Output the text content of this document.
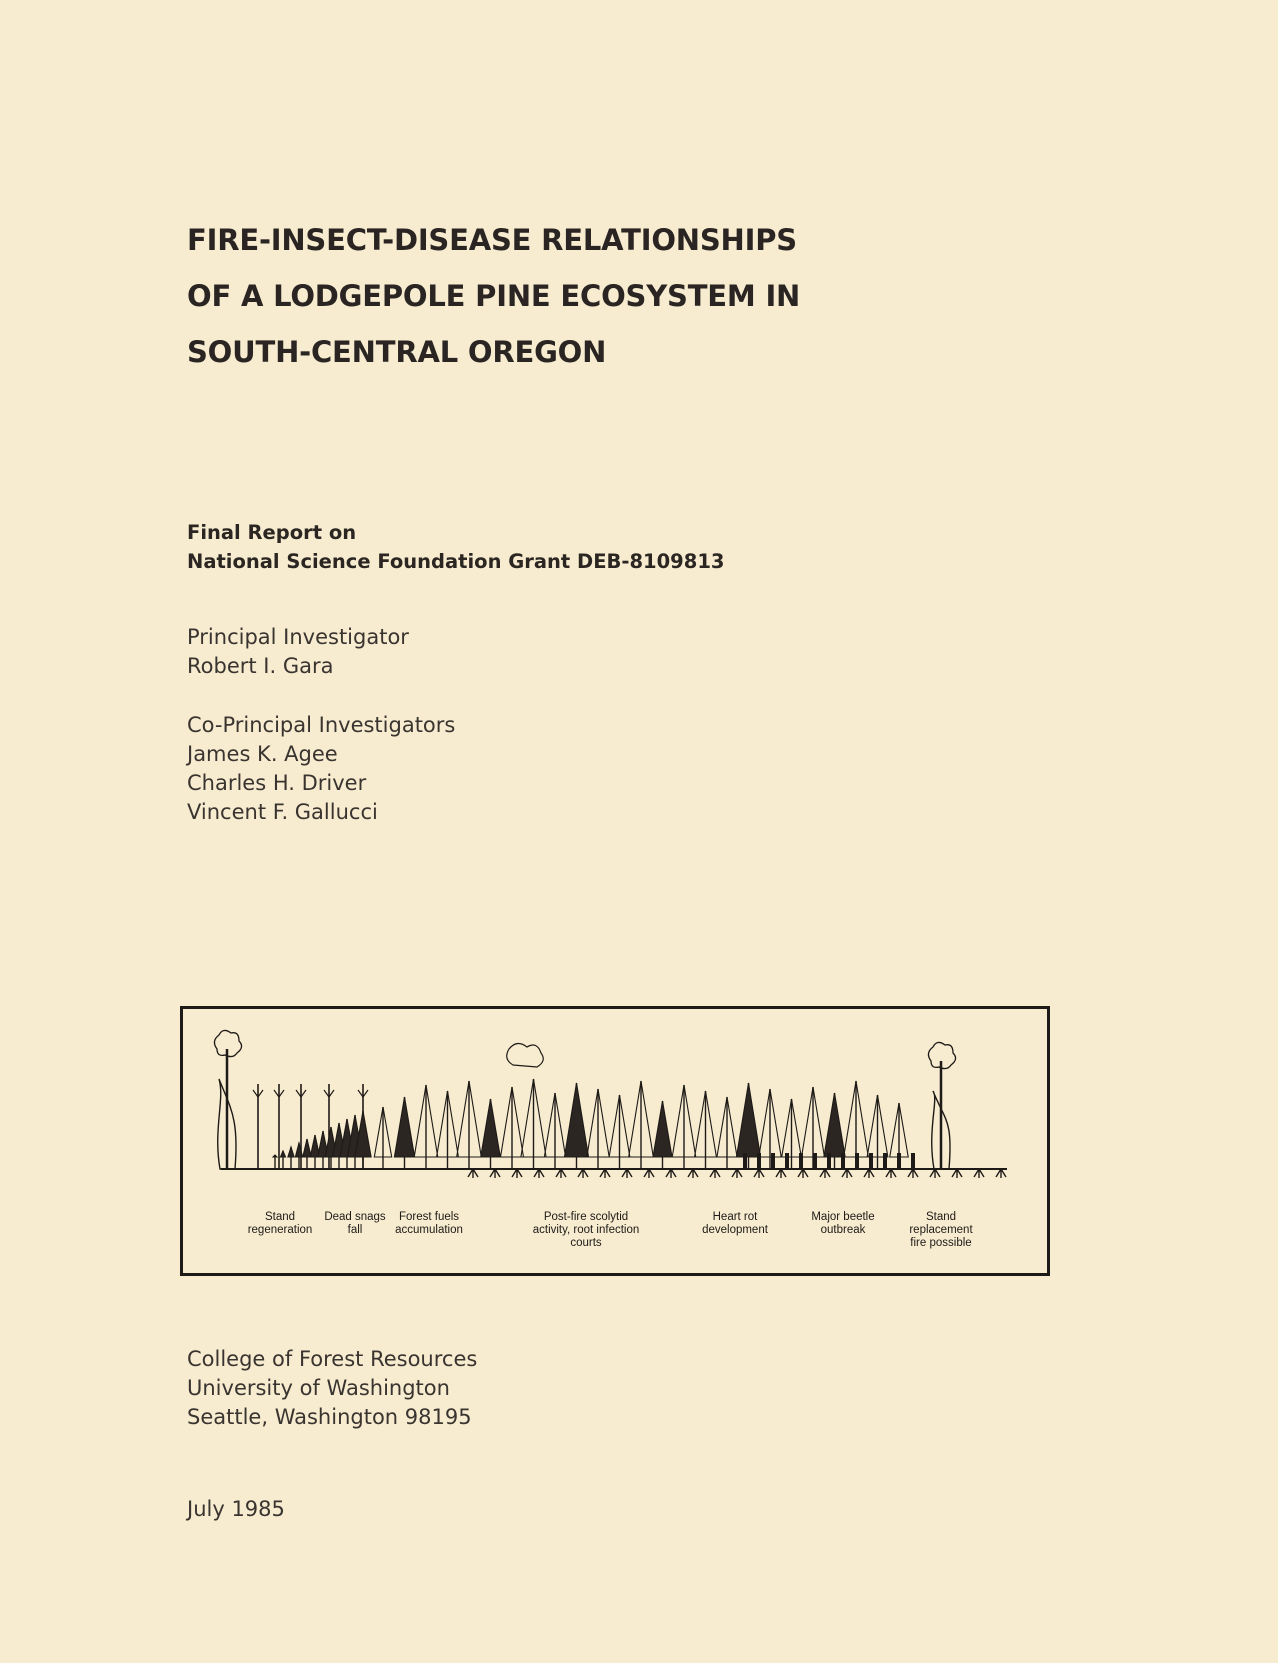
FIRE-INSECT-DISEASE RELATIONSHIPS
OF A LODGEPOLE PINE ECOSYSTEM IN
SOUTH-CENTRAL OREGON
Final Report on
National Science Foundation Grant DEB-8109813
Principal Investigator
Robert I. Gara
Co-Principal Investigators
James K. Agee
Charles H. Driver
Vincent F. Gallucci
Stand
regeneration
Dead snags
fall
Forest fuels
accumulation
Post-fire scolytid
activity, root infection
courts
Heart rot
development
Major beetle
outbreak
Stand
replacement
fire possible
College of Forest Resources
University of Washington
Seattle, Washington 98195
July 1985
